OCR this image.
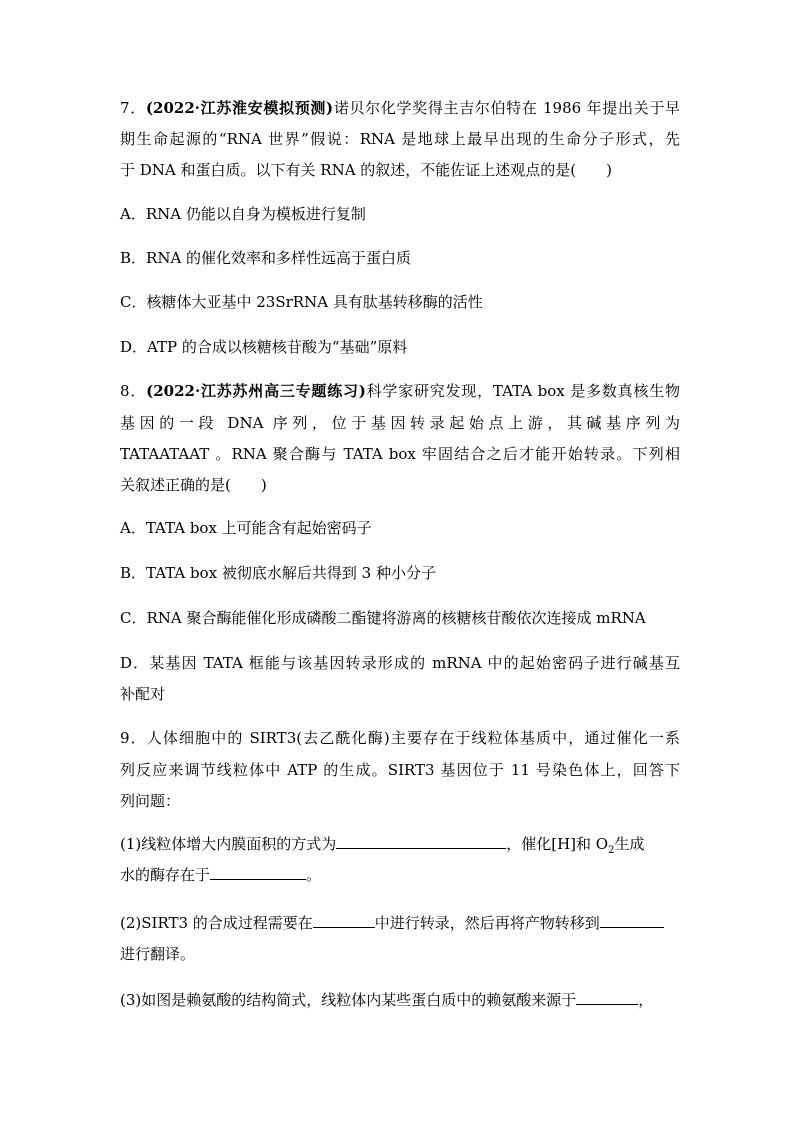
7．(2022·江苏淮安模拟预测)诺贝尔化学奖得主吉尔伯特在 1986 年提出关于早
期生命起源的“RNA 世界”假说：RNA 是地球上最早出现的生命分子形式，先
于 DNA 和蛋白质。以下有关 RNA 的叙述，不能佐证上述观点的是(　　)
A．RNA 仍能以自身为模板进行复制
B．RNA 的催化效率和多样性远高于蛋白质
C．核糖体大亚基中 23SrRNA 具有肽基转移酶的活性
D．ATP 的合成以核糖核苷酸为“基础”原料
8．(2022·江苏苏州高三专题练习)科学家研究发现，TATA box 是多数真核生物
基因的一段 DNA 序列，位于基因转录起始点上游，其碱基序列为
TATAATAAT 。RNA 聚合酶与 TATA box 牢固结合之后才能开始转录。下列相
关叙述正确的是(　　)
A．TATA box 上可能含有起始密码子
B．TATA box 被彻底水解后共得到 3 种小分子
C．RNA 聚合酶能催化形成磷酸二酯键将游离的核糖核苷酸依次连接成 mRNA
D．某基因 TATA 框能与该基因转录形成的 mRNA 中的起始密码子进行碱基互
补配对
9．人体细胞中的 SIRT3(去乙酰化酶)主要存在于线粒体基质中，通过催化一系
列反应来调节线粒体中 ATP 的生成。SIRT3 基因位于 11 号染色体上，回答下
列问题：
(1)线粒体增大内膜面积的方式为	，催化[H]和 $O_2$生成
水的酶存在于	。
(2)SIRT3 的合成过程需要在	中进行转录，然后再将产物转移到
进行翻译。
(3)如图是赖氨酸的结构简式，线粒体内某些蛋白质中的赖氨酸来源于	，
